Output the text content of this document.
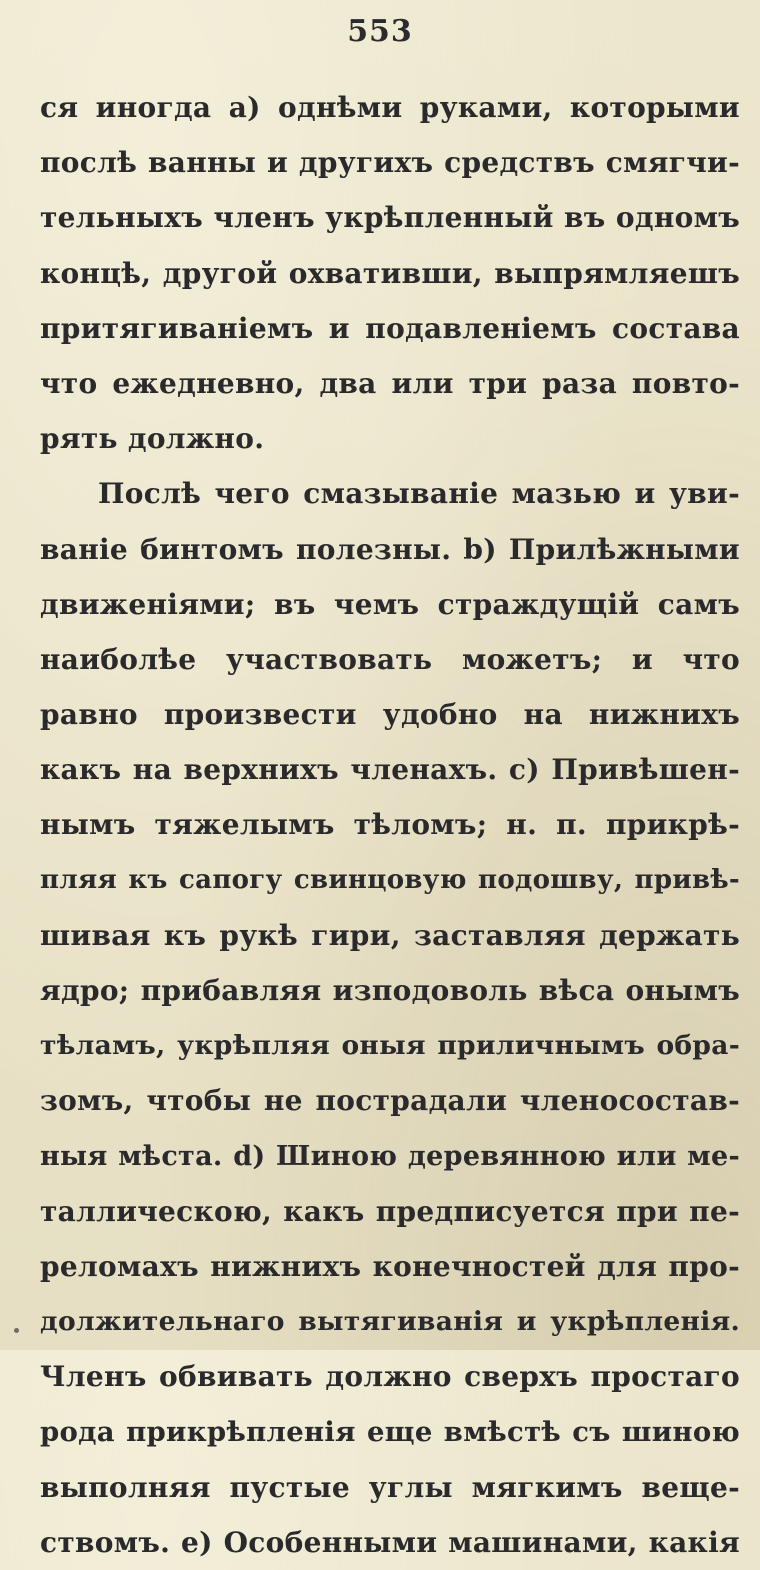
553
ся иногда а) однѣми руками, которыми
послѣ ванны и другихъ средствъ смягчи-
тельныхъ членъ укрѣпленный въ одномъ
концѣ, другой охвативши, выпрямляешъ
притягиваніемъ и подавленіемъ состава
что ежедневно, два или три раза повто-
рять должно.
Послѣ чего смазываніе мазью и уви-
ваніе бинтомъ полезны. b) Прилѣжными
движеніями; въ чемъ страждущій самъ
наиболѣе участвовать можетъ; и что
равно произвести удобно на нижнихъ
какъ на верхнихъ членахъ. c) Привѣшен-
нымъ тяжелымъ тѣломъ; н. п. прикрѣ-
пляя къ сапогу свинцовую подошву, привѣ-
шивая къ рукѣ гири, заставляя держать
ядро; прибавляя изподоволь вѣса онымъ
тѣламъ, укрѣпляя оныя приличнымъ обра-
зомъ, чтобы не пострадали членосостав-
ныя мѣста. d) Шиною деревянною или ме-
таллическою, какъ предписуется при пе-
реломахъ нижнихъ конечностей для про-
должительнаго вытягиванія и укрѣпленія.
Членъ обвивать должно сверхъ простаго
рода прикрѣпленія еще вмѣстѣ съ шиною
выполняя пустые углы мягкимъ веще-
ствомъ. e) Особенными машинами, какія
